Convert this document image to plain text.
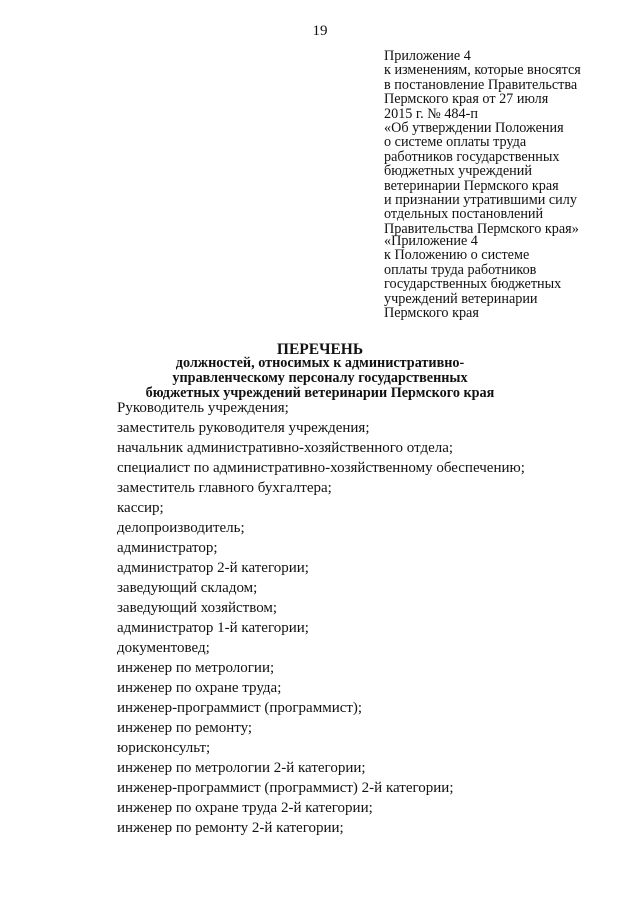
19
Приложение 4
к изменениям, которые вносятся
в постановление Правительства
Пермского края от 27 июля
2015 г. № 484-п
«Об утверждении Положения
о системе оплаты труда
работников государственных
бюджетных учреждений
ветеринарии Пермского края
и признании утратившими силу
отдельных постановлений
Правительства Пермского края»
«Приложение 4
к Положению о системе
оплаты труда работников
государственных бюджетных
учреждений ветеринарии
Пермского края
ПЕРЕЧЕНЬ
должностей, относимых к административно-
управленческому персоналу государственных
бюджетных учреждений ветеринарии Пермского края
Руководитель учреждения;
заместитель руководителя учреждения;
начальник административно-хозяйственного отдела;
специалист по административно-хозяйственному обеспечению;
заместитель главного бухгалтера;
кассир;
делопроизводитель;
администратор;
администратор 2-й категории;
заведующий складом;
заведующий хозяйством;
администратор 1-й категории;
документовед;
инженер по метрологии;
инженер по охране труда;
инженер-программист (программист);
инженер по ремонту;
юрисконсульт;
инженер по метрологии 2-й категории;
инженер-программист (программист) 2-й категории;
инженер по охране труда 2-й категории;
инженер по ремонту 2-й категории;
